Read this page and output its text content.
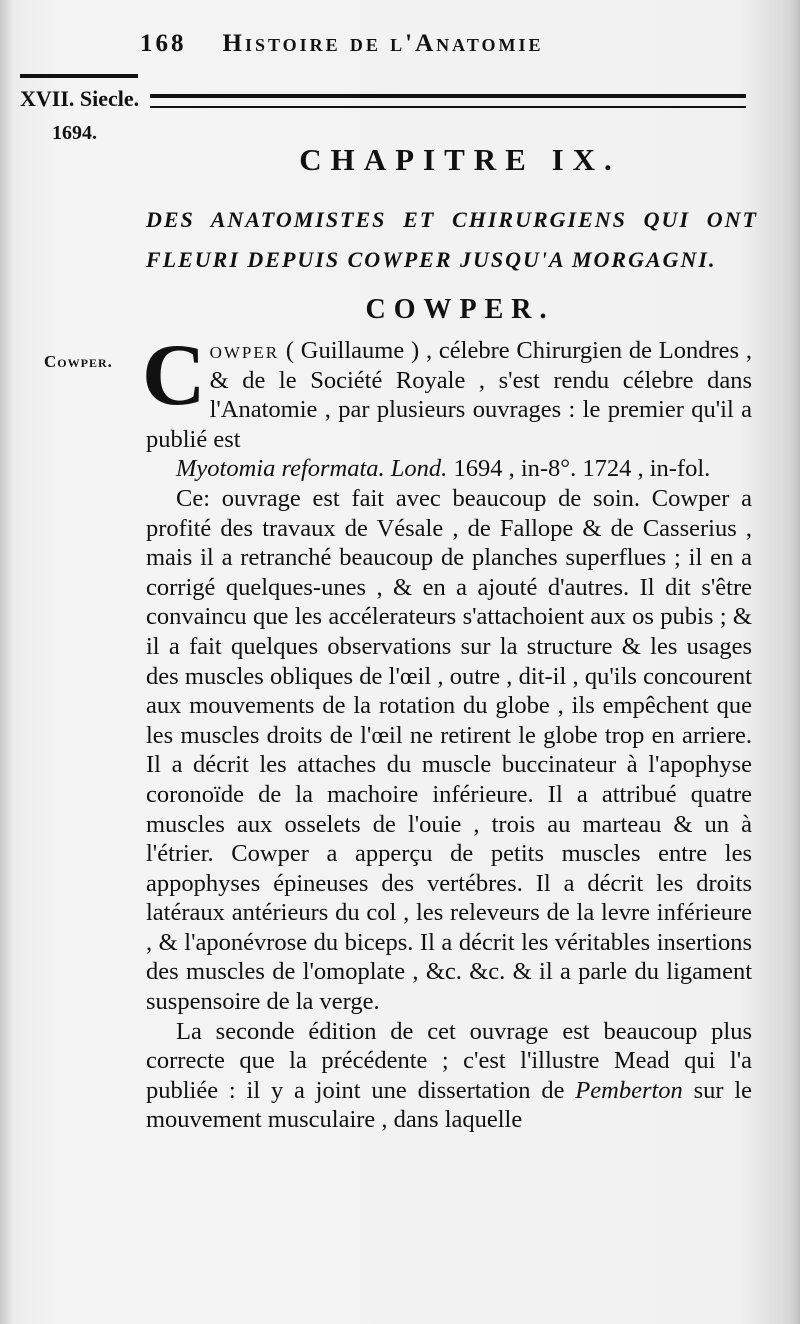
168 Histoire de l'Anatomie
XVII. Siecle.
1694.
Cowper.
CHAPITRE IX.
DES ANATOMISTES ET CHIRURGIENS QUI ONT FLEURI DEPUIS COWPER JUSQU'A MORGAGNI.
COWPER.

Cowper ( Guillaume ) , célebre Chirurgien de Londres , & de le Société Royale , s'est rendu célebre dans l'Anatomie , par plusieurs ouvrages : le premier qu'il a publié est

Myotomia reformata. Lond. 1694 , in-8°. 1724 , in-fol.

Ce: ouvrage est fait avec beaucoup de soin. Cowper a profité des travaux de Vésale , de Fallope & de Casserius , mais il a retranché beaucoup de planches superflues ; il en a corrigé quelques-unes , & en a ajouté d'autres. Il dit s'être convaincu que les accélerateurs s'attachoient aux os pubis ; & il a fait quelques observations sur la structure & les usages des muscles obliques de l'œil , outre , dit-il , qu'ils concourent aux mouvements de la rotation du globe , ils empêchent que les muscles droits de l'œil ne retirent le globe trop en arriere. Il a décrit les attaches du muscle buccinateur à l'apophyse coronoïde de la machoire inférieure. Il a attribué quatre muscles aux osselets de l'ouie , trois au marteau & un à l'étrier. Cowper a apperçu de petits muscles entre les appophyses épineuses des vertébres. Il a décrit les droits latéraux antérieurs du col , les releveurs de la levre inférieure , & l'aponévrose du biceps. Il a décrit les véritables insertions des muscles de l'omoplate , &c. &c. & il a parle du ligament suspensoire de la verge.

La seconde édition de cet ouvrage est beaucoup plus correcte que la précédente ; c'est l'illustre Mead qui l'a publiée : il y a joint une dissertation de Pemberton sur le mouvement musculaire , dans laquelle
